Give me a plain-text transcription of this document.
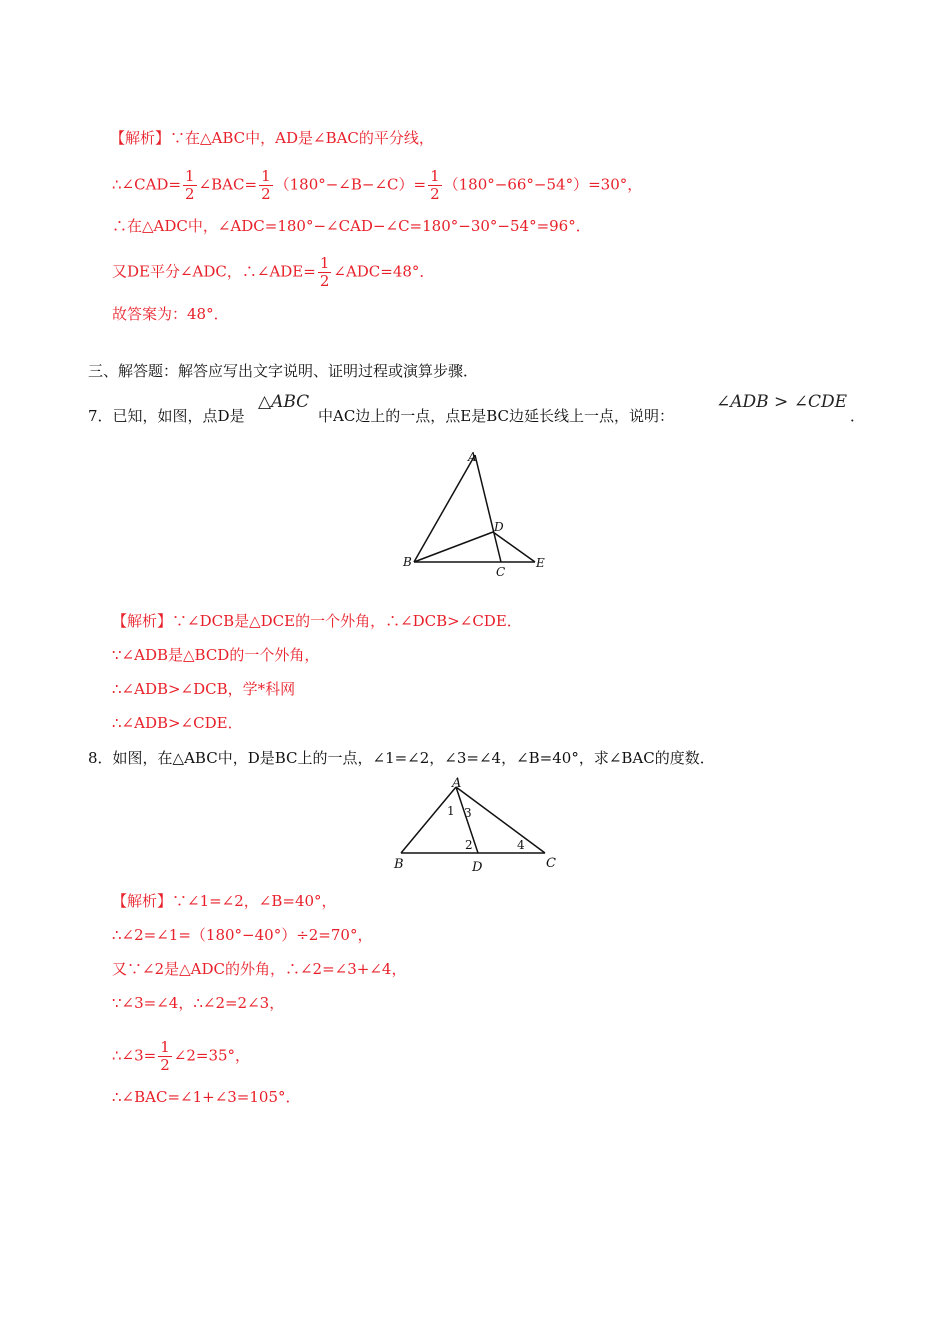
【解析】∵在△ABC中，AD是∠BAC的平分线，
∴∠CAD= $\frac{1}{2}$ ∠BAC= $\frac{1}{2}$ （180°−∠B−∠C）= $\frac{1}{2} (180^\circ-66^\circ-54^\circ)=30^\circ$，
∴在△ADC中，∠ADC=180°−∠CAD−∠C=180°−30°−54°=96°．
又DE平分∠ADC，∴∠ADE= $\frac{1}{2}$ ∠ADC=48°．
故答案为：48°．
三、解答题：解答应写出文字说明、证明过程或演算步骤．
7．已知，如图，点D是
△ABC
中AC边上的一点，点E是BC边延长线上一点，说明：
∠ADB > ∠CDE
．
A
B
C
D
E
【解析】∵∠DCB是△DCE的一个外角，∴∠DCB>∠CDE．
∵∠ADB是△BCD的一个外角，
∴∠ADB>∠DCB，学*科网
∴∠ADB>∠CDE．
8．如图，在△ABC中，D是BC上的一点，∠1=∠2，∠3=∠4，∠B=40°，求∠BAC的度数．
A
B	C
D
1 3
2	4
【解析】∵∠1=∠2，∠B=40°，
∴∠2=∠1=（180°−40°）÷2=70°，
又∵∠2是△ADC的外角，∴∠2=∠3+∠4，
∵∠3=∠4，∴∠2=2∠3，
∴∠3= $\frac{1}{2}$ ∠2=35°，
∴∠BAC=∠1+∠3=105°．
